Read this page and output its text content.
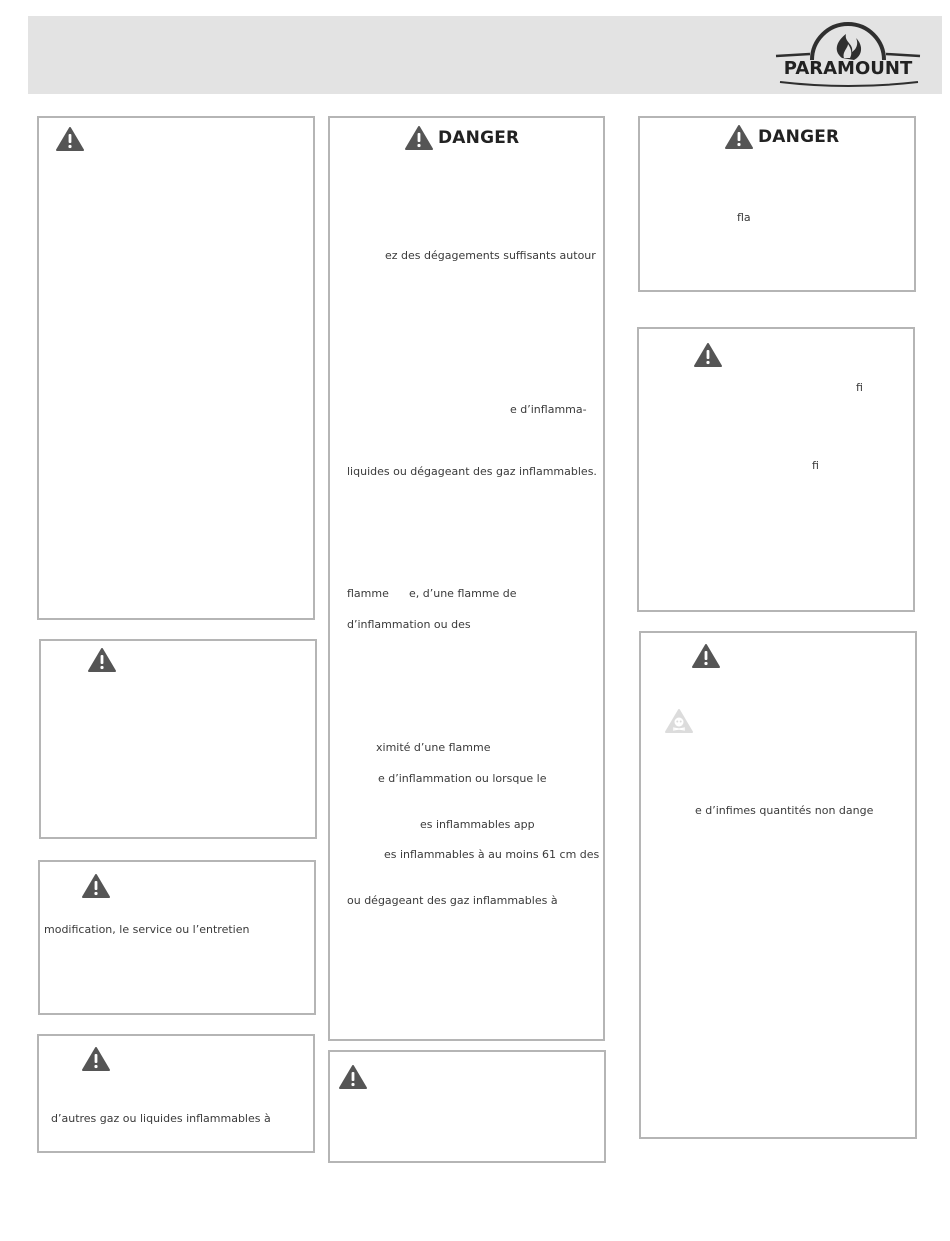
PARAMOUNT
modification, le service ou l’entretien
d’autres gaz ou liquides inflammables à
DANGER
ez des dégagements suffisants autour
e d’inflamma-
liquides ou dégageant des gaz inflammables.
flamme e, d’une flamme de
d’inflammation ou des
ximité d’une flamme
e d’inflammation ou lorsque le
es inflammables app
es inflammables à au moins 61 cm des
ou dégageant des gaz inflammables à
DANGER
fla
fi
fi
e d’infimes quantités non dange
